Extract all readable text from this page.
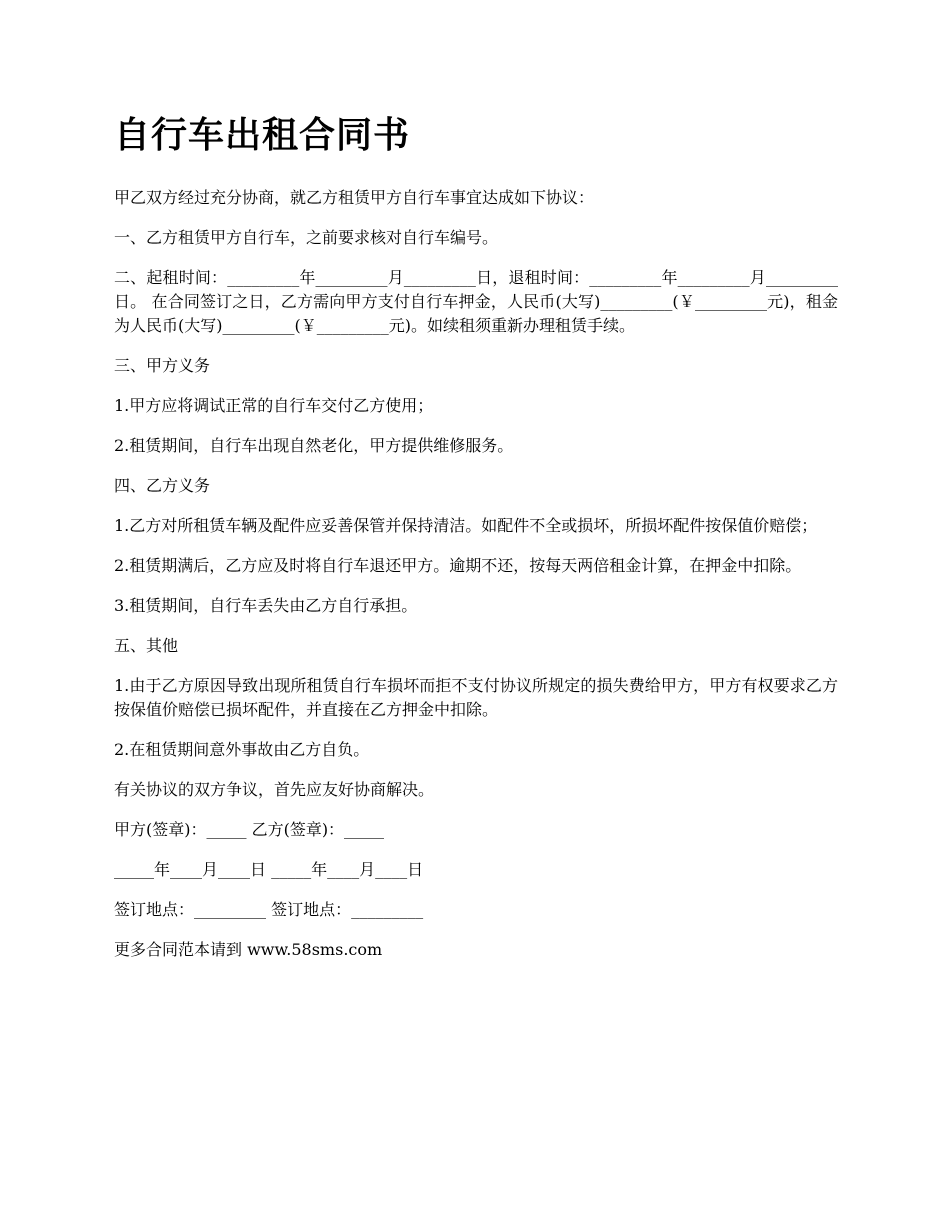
自行车出租合同书

甲乙双方经过充分协商，就乙方租赁甲方自行车事宜达成如下协议：

一、乙方租赁甲方自行车，之前要求核对自行车编号。

二、起租时间：_________年_________月_________日，退租时间：_________年_________月_________日。 在合同签订之日，乙方需向甲方支付自行车押金，人民币(大写)_________(￥_________元)，租金为人民币(大写)_________(￥_________元)。如续租须重新办理租赁手续。

三、甲方义务

1.甲方应将调试正常的自行车交付乙方使用；

2.租赁期间，自行车出现自然老化，甲方提供维修服务。

四、乙方义务

1.乙方对所租赁车辆及配件应妥善保管并保持清洁。如配件不全或损坏，所损坏配件按保值价赔偿；

2.租赁期满后，乙方应及时将自行车退还甲方。逾期不还，按每天两倍租金计算，在押金中扣除。

3.租赁期间，自行车丢失由乙方自行承担。

五、其他

1.由于乙方原因导致出现所租赁自行车损坏而拒不支付协议所规定的损失费给甲方，甲方有权要求乙方按保值价赔偿已损坏配件，并直接在乙方押金中扣除。

2.在租赁期间意外事故由乙方自负。

有关协议的双方争议，首先应友好协商解决。

甲方(签章)：_____ 乙方(签章)：_____

_____年____月____日 _____年____月____日

签订地点：_________ 签订地点：_________

更多合同范本请到 www.58sms.com
